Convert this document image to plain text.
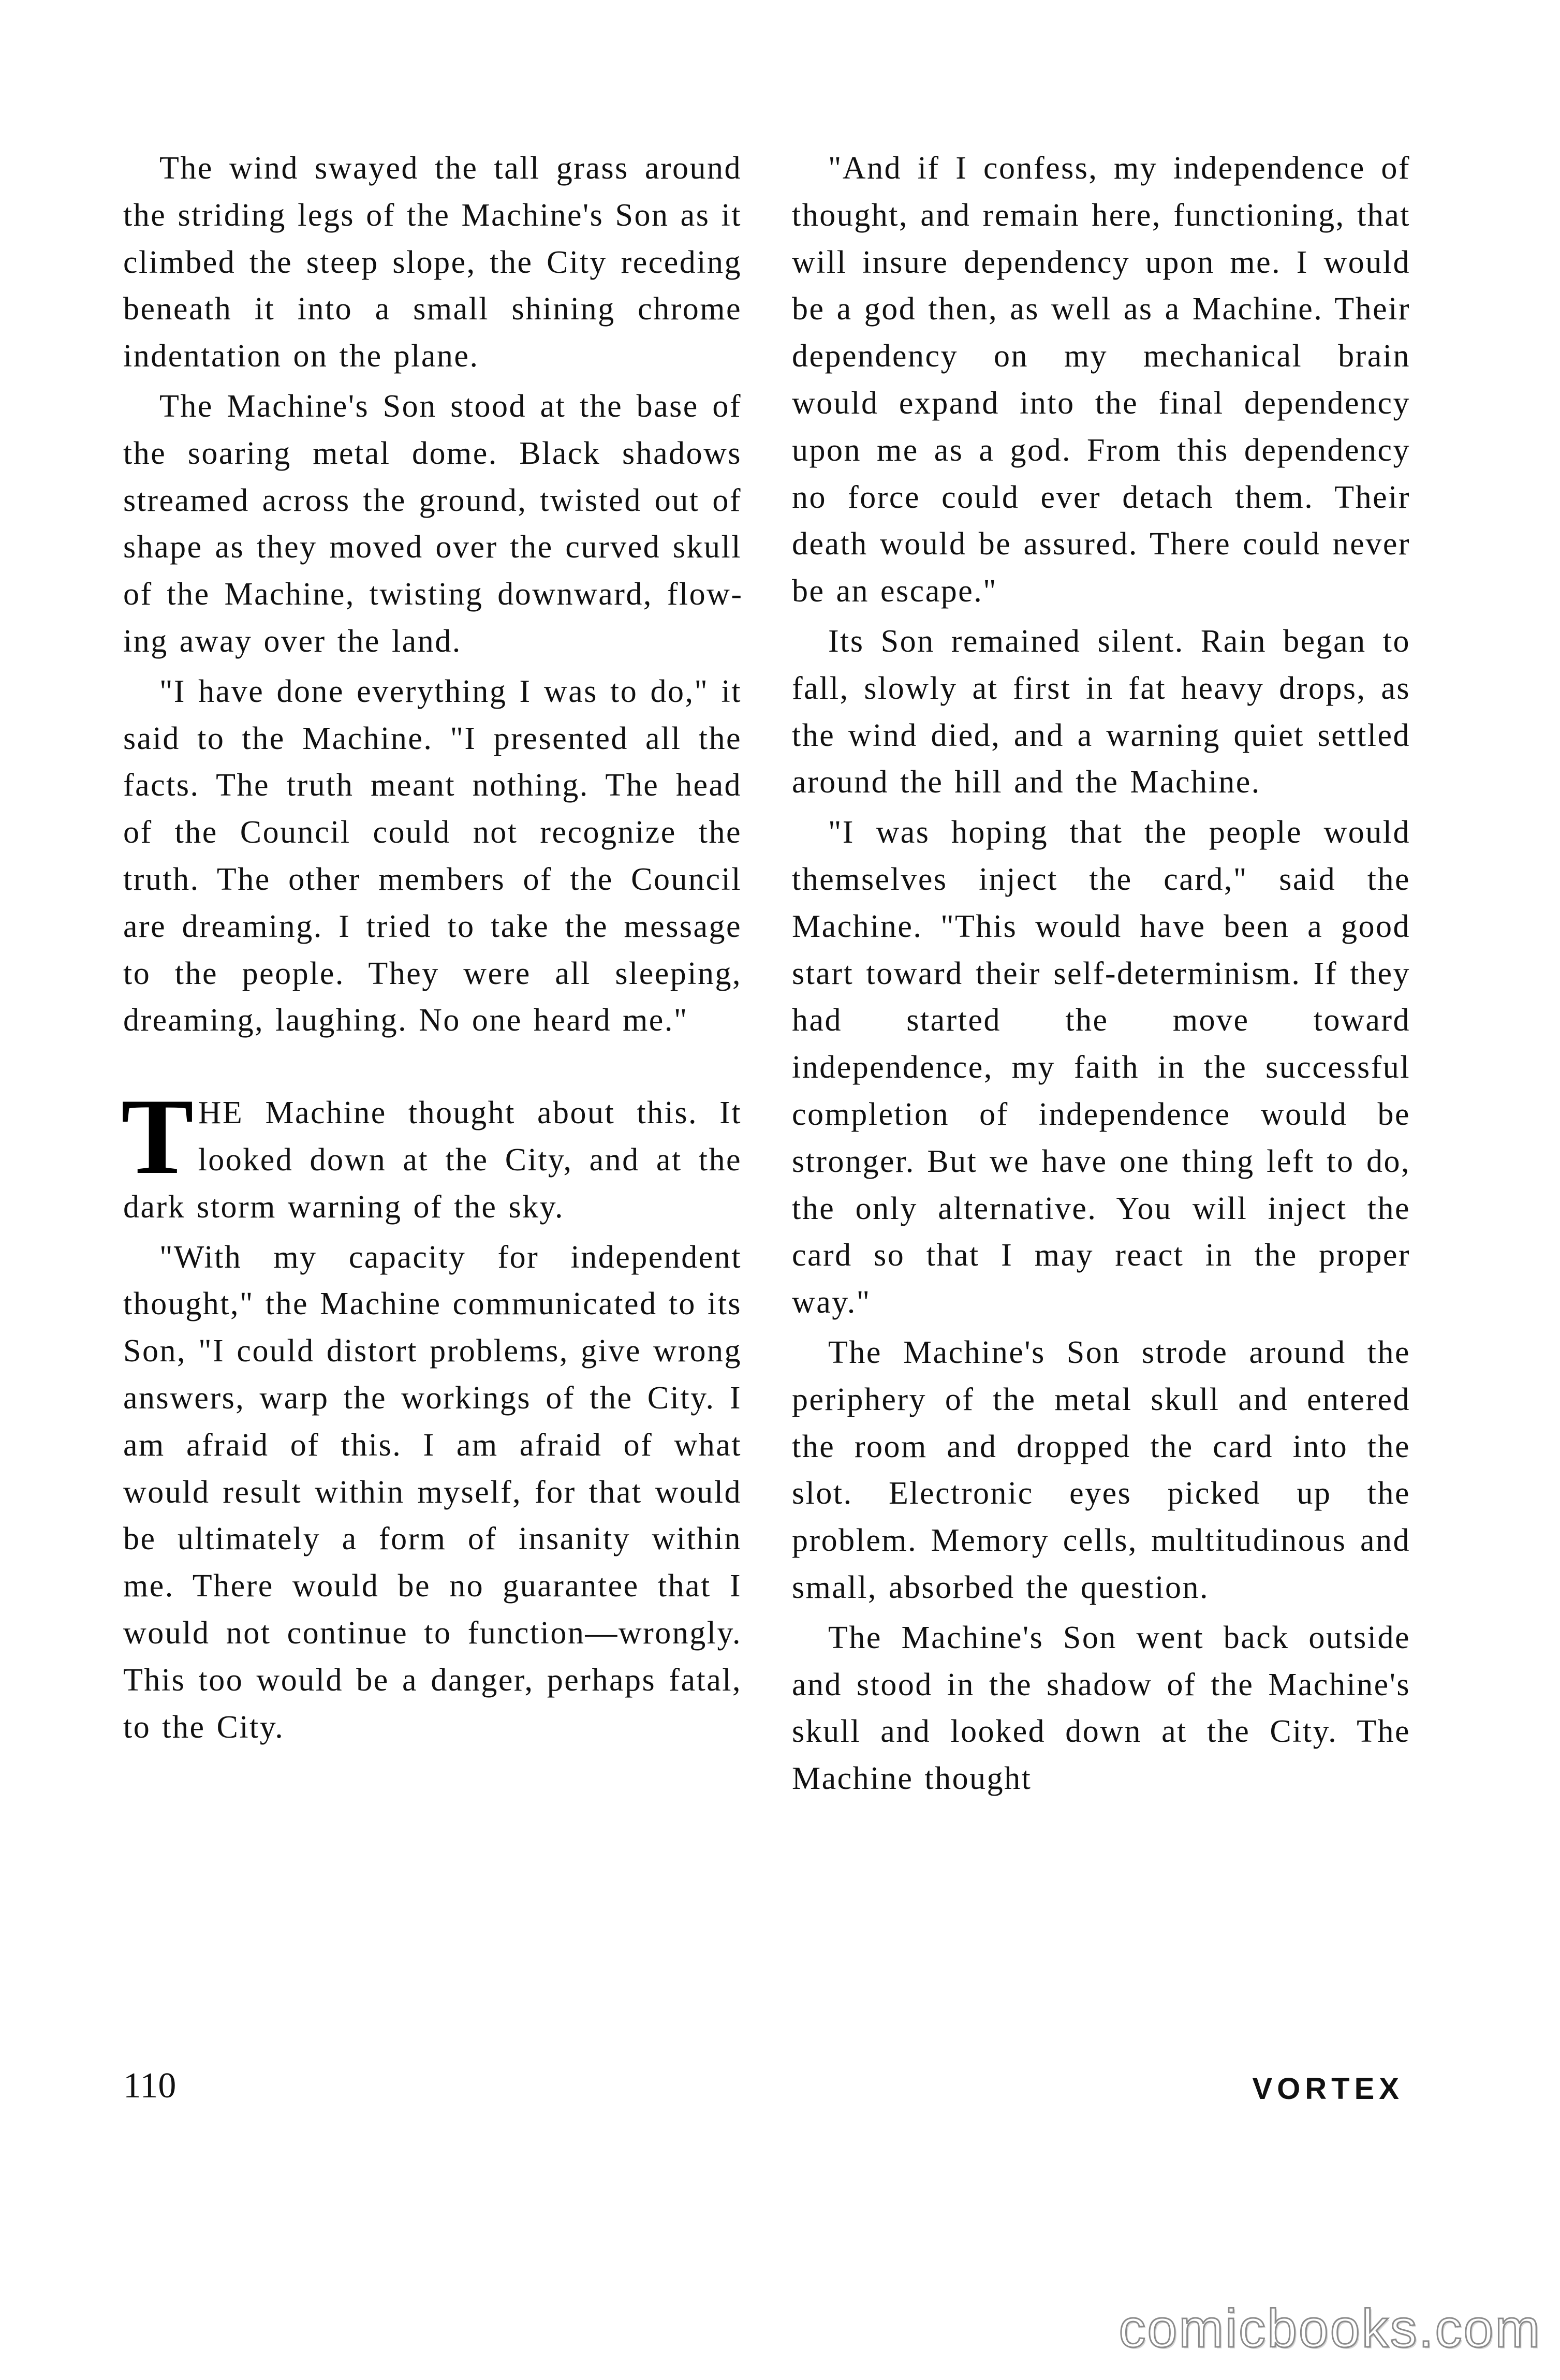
The wind swayed the tall grass around the striding legs of the Machine's Son as it climbed the steep slope, the City receding beneath it into a small shining chrome indentation on the plane.

The Machine's Son stood at the base of the soaring metal dome. Black shadows streamed across the ground, twisted out of shape as they moved over the curved skull of the Machine, twisting downward, flowing away over the land.

"I have done everything I was to do," it said to the Machine. "I presented all the facts. The truth meant nothing. The head of the Council could not recognize the truth. The other members of the Council are dreaming. I tried to take the message to the people. They were all sleeping, dreaming, laughing. No one heard me."

THE Machine thought about this. It looked down at the City, and at the dark storm warning of the sky.

"With my capacity for independent thought," the Machine communicated to its Son, "I could distort problems, give wrong answers, warp the workings of the City. I am afraid of this. I am afraid of what would result within myself, for that would be ultimately a form of insanity within me. There would be no guarantee that I would not continue to function—wrongly. This too would be a danger, perhaps fatal, to the City.

"And if I confess, my independence of thought, and remain here, functioning, that will insure dependency upon me. I would be a god then, as well as a Machine. Their dependency on my mechanical brain would expand into the final dependency upon me as a god. From this dependency no force could ever detach them. Their death would be assured. There could never be an escape."

Its Son remained silent. Rain began to fall, slowly at first in fat heavy drops, as the wind died, and a warning quiet settled around the hill and the Machine.

"I was hoping that the people would themselves inject the card," said the Machine. "This would have been a good start toward their self-determinism. If they had started the move toward independence, my faith in the successful completion of independence would be stronger. But we have one thing left to do, the only alternative. You will inject the card so that I may react in the proper way."

The Machine's Son strode around the periphery of the metal skull and entered the room and dropped the card into the slot. Electronic eyes picked up the problem. Memory cells, multitudinous and small, absorbed the question.

The Machine's Son went back outside and stood in the shadow of the Machine's skull and looked down at the City. The Machine thought

110	VORTEX
comicbooks.com
